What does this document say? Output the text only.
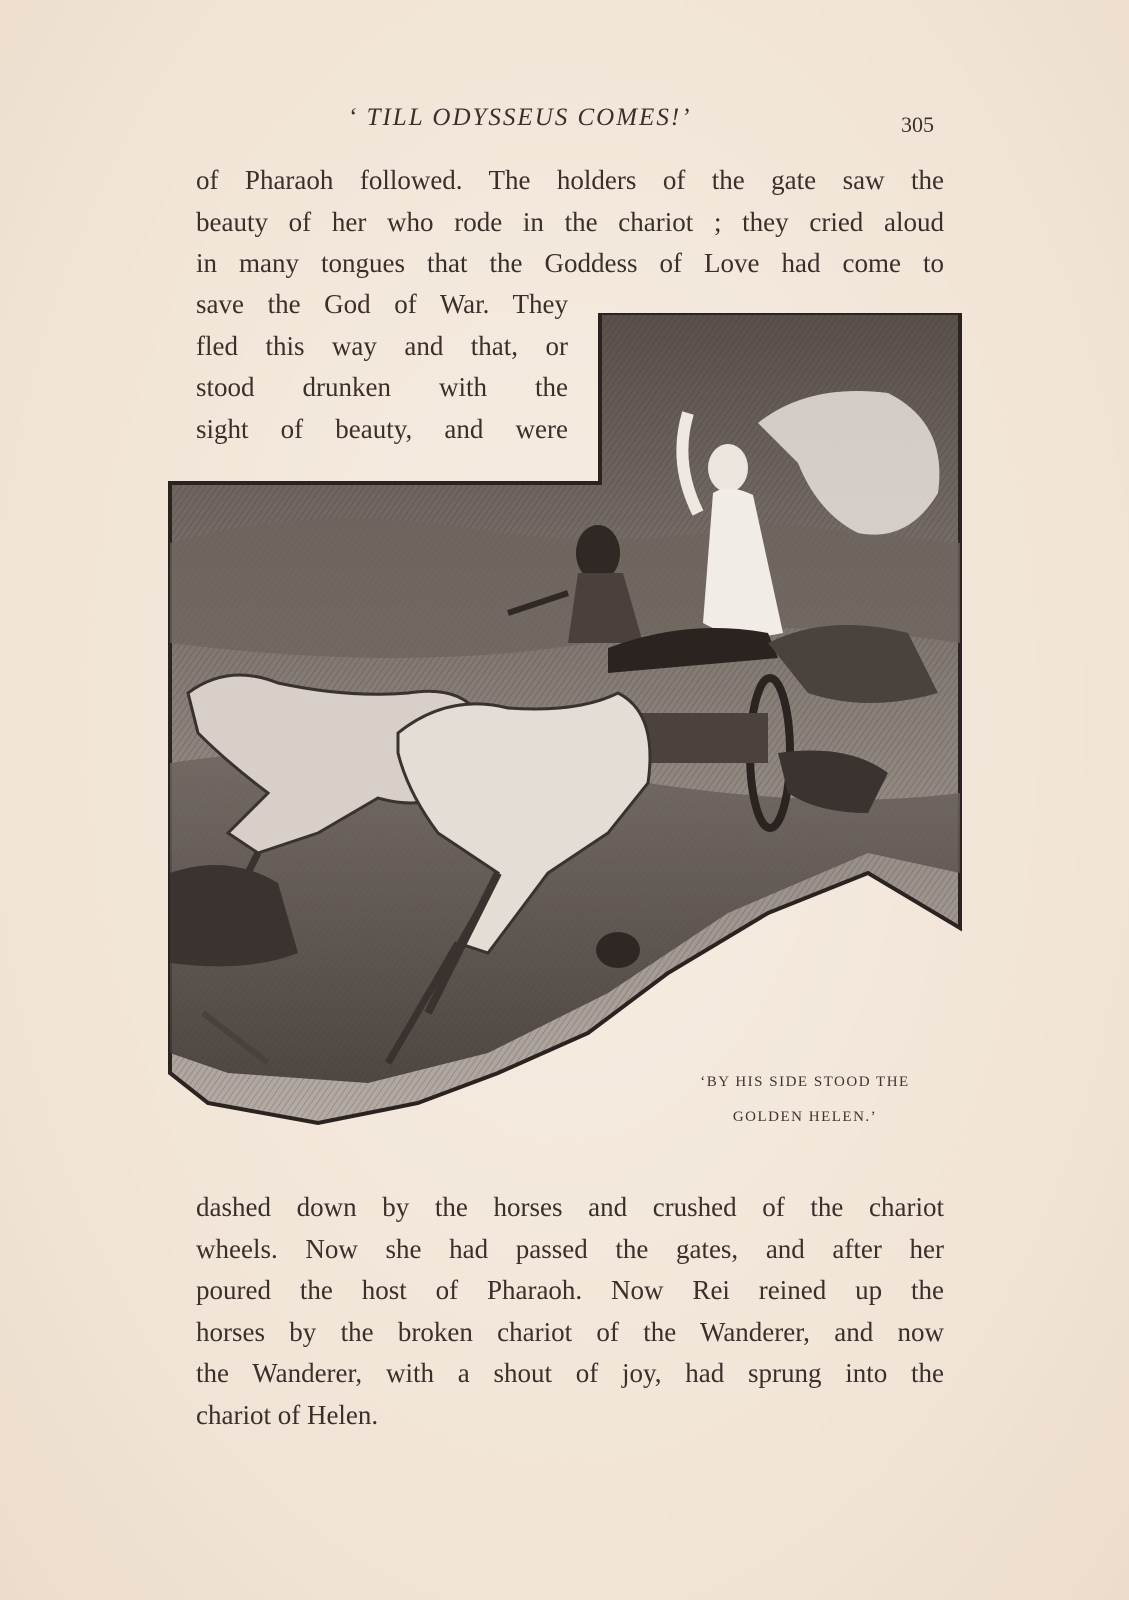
‘ TILL ODYSSEUS COMES!’	305
of Pharaoh followed. The holders of the gate saw the
beauty of her who rode in the chariot ; they cried aloud
in many tongues that the Goddess of Love had come to
save the God of War. They
fled this way and that, or
stood drunken with the
sight of beauty, and were
‘BY HIS SIDE STOOD THE
GOLDEN HELEN.’
dashed down by the horses and crushed of the chariot
wheels. Now she had passed the gates, and after her
poured the host of Pharaoh. Now Rei reined up the
horses by the broken chariot of the Wanderer, and now
the Wanderer, with a shout of joy, had sprung into the
chariot of Helen.
